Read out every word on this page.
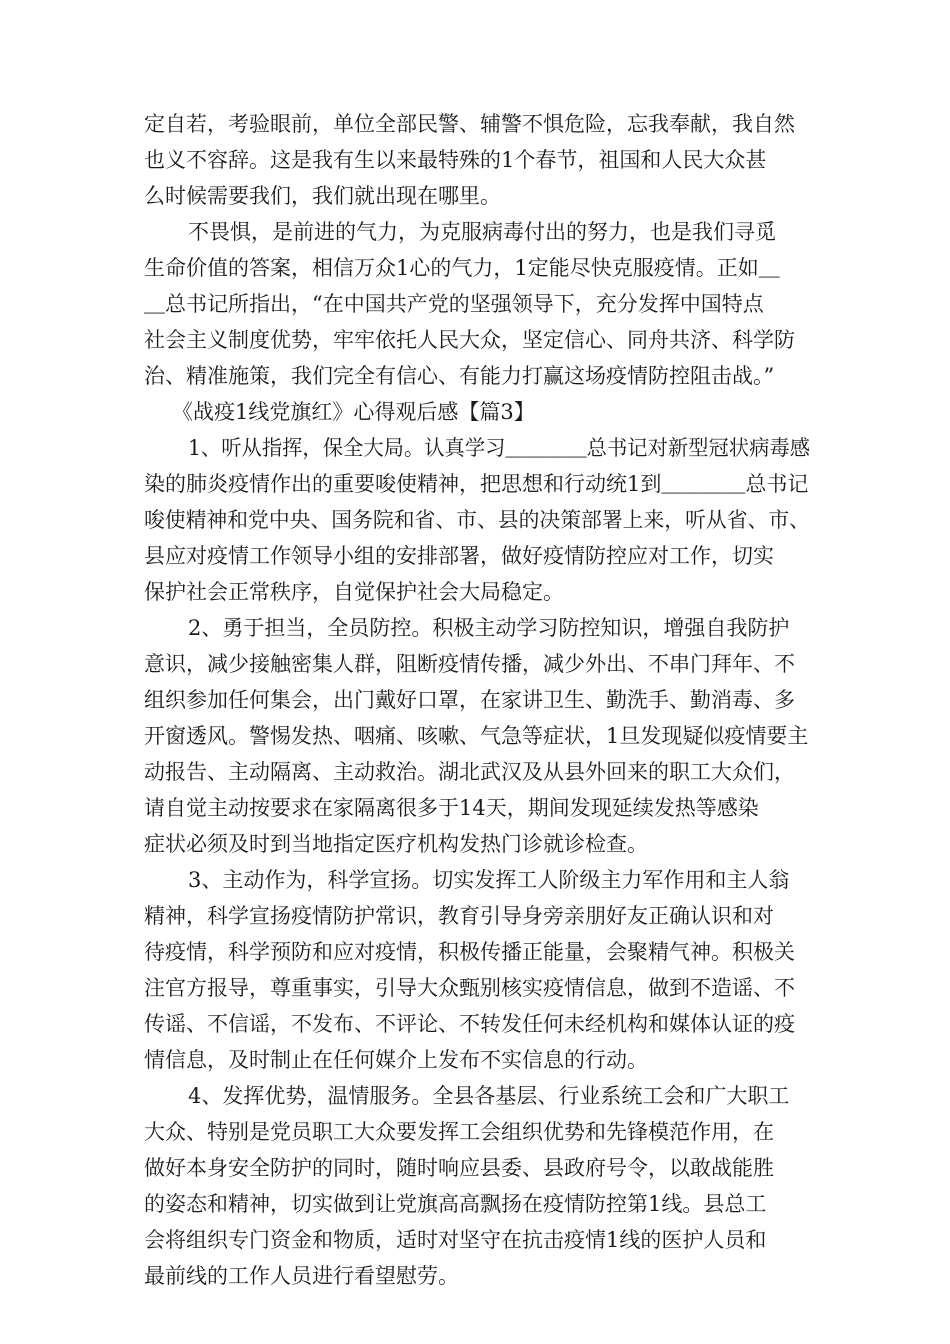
定自若，考验眼前，单位全部民警、辅警不惧危险，忘我奉献，我自然
也义不容辞。这是我有生以来最特殊的1个春节，祖国和人民大众甚
么时候需要我们，我们就出现在哪里。
不畏惧，是前进的气力，为克服病毒付出的努力，也是我们寻觅
生命价值的答案，相信万众1心的气力，1定能尽快克服疫情。正如＿
＿总书记所指出，“在中国共产党的坚强领导下，充分发挥中国特点
社会主义制度优势，牢牢依托人民大众，坚定信心、同舟共济、科学防
治、精准施策，我们完全有信心、有能力打赢这场疫情防控阻击战。”
《战疫1线党旗红》心得观后感【篇3】
1、听从指挥，保全大局。认真学习＿＿＿＿总书记对新型冠状病毒感
染的肺炎疫情作出的重要唆使精神，把思想和行动统1到＿＿＿＿总书记
唆使精神和党中央、国务院和省、市、县的决策部署上来，听从省、市、
县应对疫情工作领导小组的安排部署，做好疫情防控应对工作，切实
保护社会正常秩序，自觉保护社会大局稳定。
2、勇于担当，全员防控。积极主动学习防控知识，增强自我防护
意识，减少接触密集人群，阻断疫情传播，减少外出、不串门拜年、不
组织参加任何集会，出门戴好口罩，在家讲卫生、勤洗手、勤消毒、多
开窗透风。警惕发热、咽痛、咳嗽、气急等症状，1旦发现疑似疫情要主
动报告、主动隔离、主动救治。湖北武汉及从县外回来的职工大众们，
请自觉主动按要求在家隔离很多于14天，期间发现延续发热等感染
症状必须及时到当地指定医疗机构发热门诊就诊检查。
3、主动作为，科学宣扬。切实发挥工人阶级主力军作用和主人翁
精神，科学宣扬疫情防护常识，教育引导身旁亲朋好友正确认识和对
待疫情，科学预防和应对疫情，积极传播正能量，会聚精气神。积极关
注官方报导，尊重事实，引导大众甄别核实疫情信息，做到不造谣、不
传谣、不信谣，不发布、不评论、不转发任何未经机构和媒体认证的疫
情信息，及时制止在任何媒介上发布不实信息的行动。
4、发挥优势，温情服务。全县各基层、行业系统工会和广大职工
大众、特别是党员职工大众要发挥工会组织优势和先锋模范作用，在
做好本身安全防护的同时，随时响应县委、县政府号令，以敢战能胜
的姿态和精神，切实做到让党旗高高飘扬在疫情防控第1线。县总工
会将组织专门资金和物质，适时对坚守在抗击疫情1线的医护人员和
最前线的工作人员进行看望慰劳。
